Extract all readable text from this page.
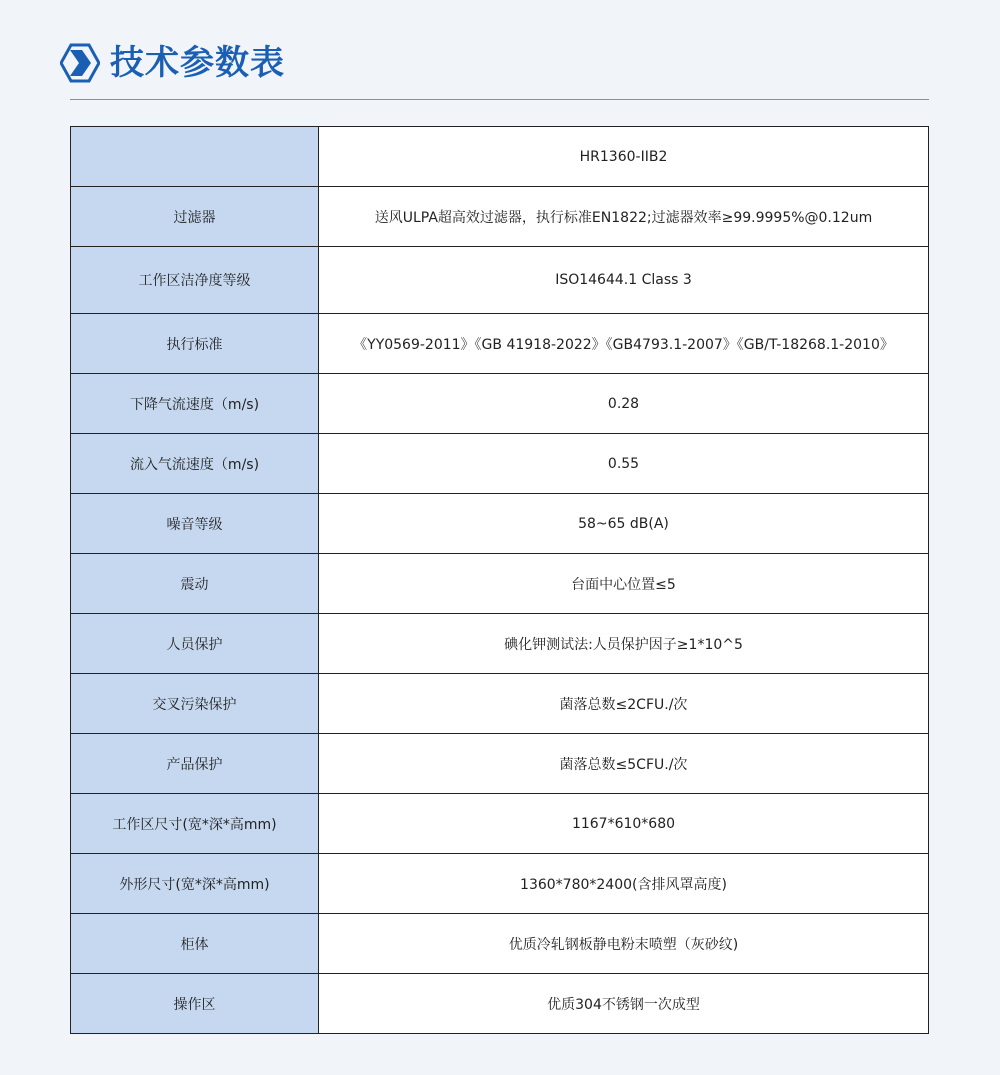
技术参数表
	HR1360-IIB2
过滤器	送风ULPA超高效过滤器，执行标准EN1822;过滤器效率≥99.9995%@0.12um
工作区洁净度等级	ISO14644.1 Class 3
执行标准	《YY0569-2011》《GB 41918-2022》《GB4793.1-2007》《GB/T-18268.1-2010》
下降气流速度（m/s)	0.28
流入气流速度（m/s)	0.55
噪音等级	58~65 dB(A)
震动	台面中心位置≤5
人员保护	碘化钾测试法:人员保护因子≥1*10^5
交叉污染保护	菌落总数≤2CFU./次
产品保护	菌落总数≤5CFU./次
工作区尺寸(宽*深*高mm)	1167*610*680
外形尺寸(宽*深*高mm)	1360*780*2400(含排风罩高度)
柜体	优质冷轧钢板静电粉末喷塑（灰砂纹)
操作区	优质304不锈钢一次成型
